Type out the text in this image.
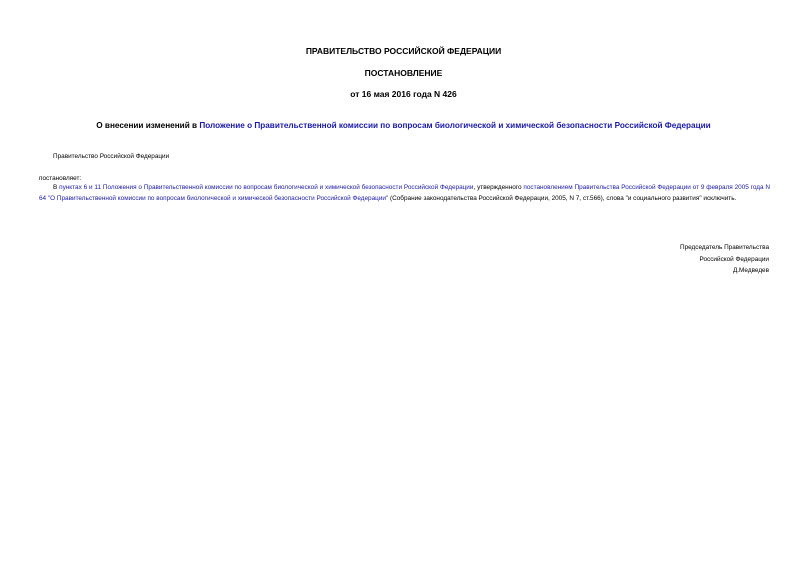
ПРАВИТЕЛЬСТВО РОССИЙСКОЙ ФЕДЕРАЦИИ
ПОСТАНОВЛЕНИЕ
от 16 мая 2016 года N 426
О внесении изменений в Положение о Правительственной комиссии по вопросам биологической и химической безопасности Российской Федерации
Правительство Российской Федерации
постановляет:
В пунктах 6 и 11 Положения о Правительственной комиссии по вопросам биологической и химической безопасности Российской Федерации, утвержденного постановлением Правительства Российской Федерации от 9 февраля 2005 года N 64 "О Правительственной комиссии по вопросам биологической и химической безопасности Российской Федерации" (Собрание законодательства Российской Федерации, 2005, N 7, ст.566), слова "и социального развития" исключить.
Председатель Правительства
Российской Федерации
Д.Медведев
